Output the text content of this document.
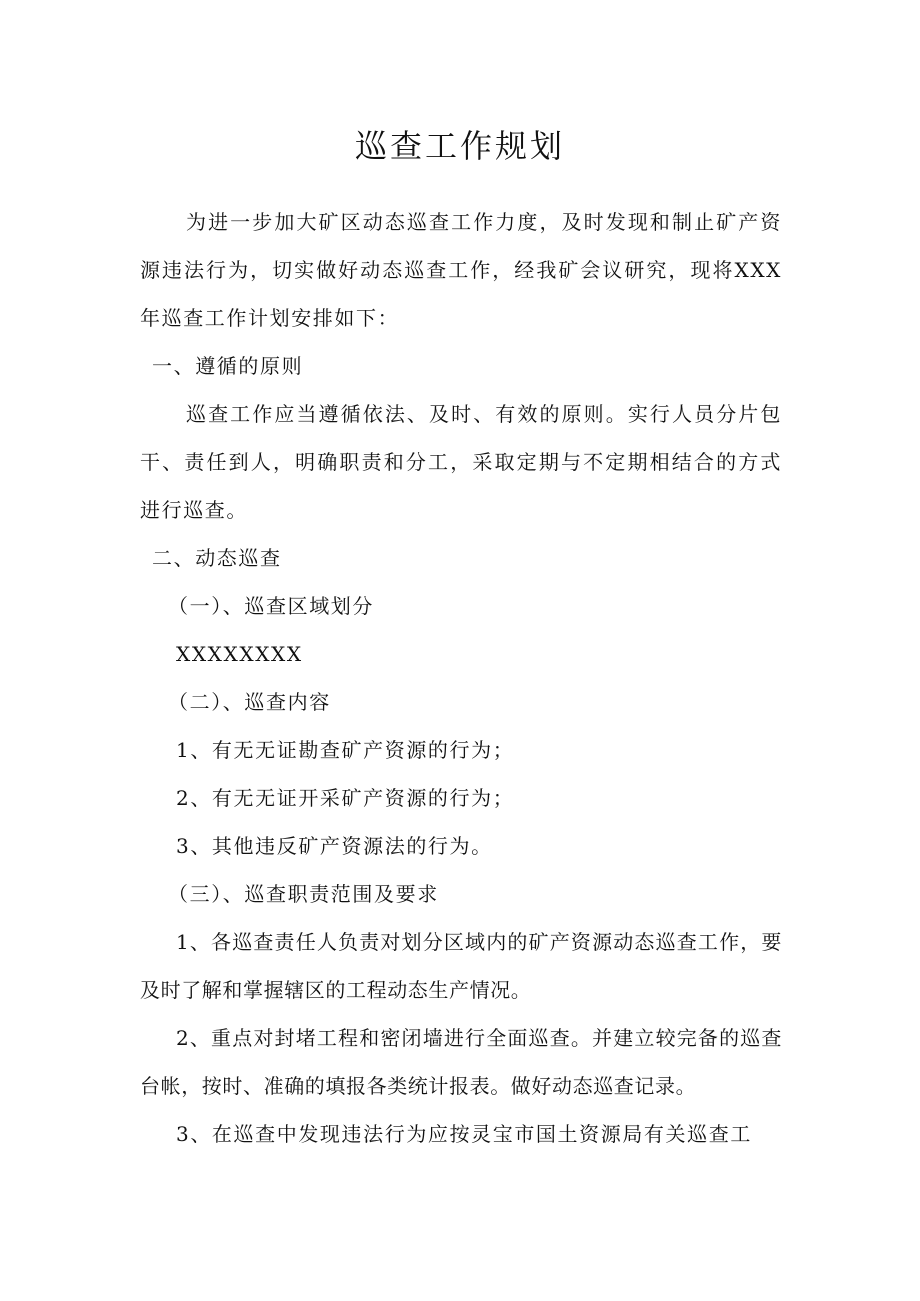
巡查工作规划

为进一步加大矿区动态巡查工作力度，及时发现和制止矿产资源违法行为，切实做好动态巡查工作，经我矿会议研究，现将XXX年巡查工作计划安排如下：

一、遵循的原则

巡查工作应当遵循依法、及时、有效的原则。实行人员分片包干、责任到人，明确职责和分工，采取定期与不定期相结合的方式进行巡查。

二、动态巡查

（一）、巡查区域划分

XXXXXXXX

（二）、巡查内容

1、有无无证勘查矿产资源的行为；

2、有无无证开采矿产资源的行为；

3、其他违反矿产资源法的行为。

（三）、巡查职责范围及要求

1、各巡查责任人负责对划分区域内的矿产资源动态巡查工作，要及时了解和掌握辖区的工程动态生产情况。

2、重点对封堵工程和密闭墙进行全面巡查。并建立较完备的巡查台帐，按时、准确的填报各类统计报表。做好动态巡查记录。

3、在巡查中发现违法行为应按灵宝市国土资源局有关巡查工
